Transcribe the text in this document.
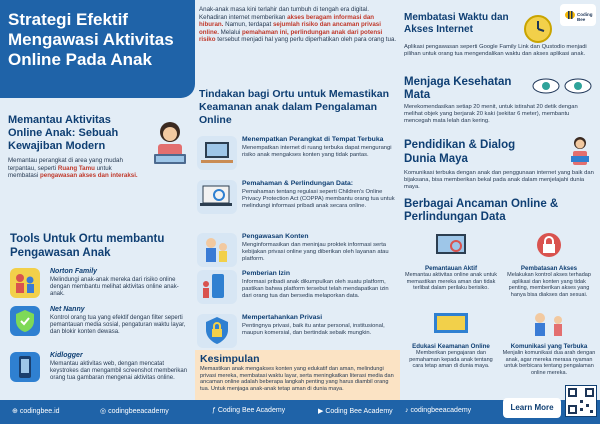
Strategi Efektif
Mengawasi Aktivitas
Online Pada Anak
Memantau Aktivitas Online Anak: Sebuah Kewajiban Modern
Memantau perangkat di area yang mudah terpantau, seperti Ruang Tamu untuk membatasi pengawasan akses dan interaksi.
Tools Untuk Ortu membantu Pengawasan Anak
Norton Family
Melindungi anak-anak mereka dari risiko online dengan membantu melihat aktivitas online anak-anak.
Net Nanny
Kontrol orang tua yang efektif dengan filter seperti pemantauan media sosial, pengaturan waktu layar, dan blokir konten dewasa.
Kidlogger
Memantau aktivitas web, dengan mencatat keystrokes dan mengambil screenshot memberikan orang tua gambaran mengenai aktivitas online.
Anak-anak masa kini terlahir dan tumbuh di tengah era digital. Kehadiran internet memberikan akses beragam informasi dan hiburan. Namun, terdapat sejumlah risiko dan ancaman privasi online. Melalui pemahaman ini, perlindungan anak dari potensi risiko tersebut menjadi hal yang perlu diperhatikan oleh para orang tua.
Tindakan bagi Ortu untuk Memastikan Keamanan anak dalam Pengalaman Online
Menempatkan Perangkat di Tempat Terbuka
Menempatkan internet di ruang terbuka dapat mengurangi risiko anak mengakses konten yang tidak pantas.
Pemahaman & Perlindungan Data:
Pemahaman tentang regulasi seperti Children's Online Privacy Protection Act (COPPA) membantu orang tua untuk melindungi informasi pribadi anak secara online.
Pengawasan Konten
Menginformasikan dan meninjau proktek informasi serta kebijakan privasi online yang diberikan oleh layanan atau platform.
Pemberian Izin
Informasi pribadi anak dikumpulkan oleh suatu platform, pastikan bahwa platform tersebut telah mendapatkan izin dari orang tua dan bersedia melaporkan data.
Mempertahankan Privasi
Pentingnya privasi, baik itu antar personal, institusional, maupun komersial, dan bertindak sebaik mungkin.
Kesimpulan
Memastikan anak mengakses konten yang edukatif dan aman, melindungi privasi mereka, membatasi waktu layar, serta meningkatkan literasi media dan ancaman online adalah beberapa langkah penting yang harus diambil orang tua. Untuk menjaga anak-anak tetap aman di dunia maya.
Coding Bee
Membatasi Waktu dan Akses Internet
Aplikasi pengawasan seperti Google Family Link dan Qustodio menjadi pilihan untuk orang tua mengendalikan waktu dan akses aplikasi anak.
Menjaga Kesehatan Mata
Merekomendasikan setiap 20 menit, untuk istirahat 20 detik dengan melihat objek yang berjarak 20 kaki (sekitar 6 meter), membantu mencegah mata lelah dan kering.
Pendidikan & Dialog Dunia Maya
Komunikasi terbuka dengan anak dan penggunaan internet yang baik dan bijaksana, bisa memberikan bekal pada anak dalam menjelajahi dunia maya.
Berbagai Ancaman Online & Perlindungan Data
Pemantauan Aktif
Memantau aktivitas online anak untuk memastikan mereka aman dan tidak terlibat dalam perilaku berisiko.
Pembatasan Akses
Melakukan kontrol akses terhadap aplikasi dan konten yang tidak penting, memberikan akses yang hanya bisa diakses dan sesuai.
Edukasi Keamanan Online
Memberikan pengajaran dan pemahaman kepada anak tentang cara tetap aman di dunia maya.
Komunikasi yang Terbuka
Menjalin komunikasi dua arah dengan anak, agar mereka merasa nyaman untuk berbicara tentang pengalaman online mereka.
⊕ codingbee.id	◎ codingbeeacademy	ƒ Coding Bee Academy	▶ Coding Bee Academy ♪ codingbeeacademy	Learn More
